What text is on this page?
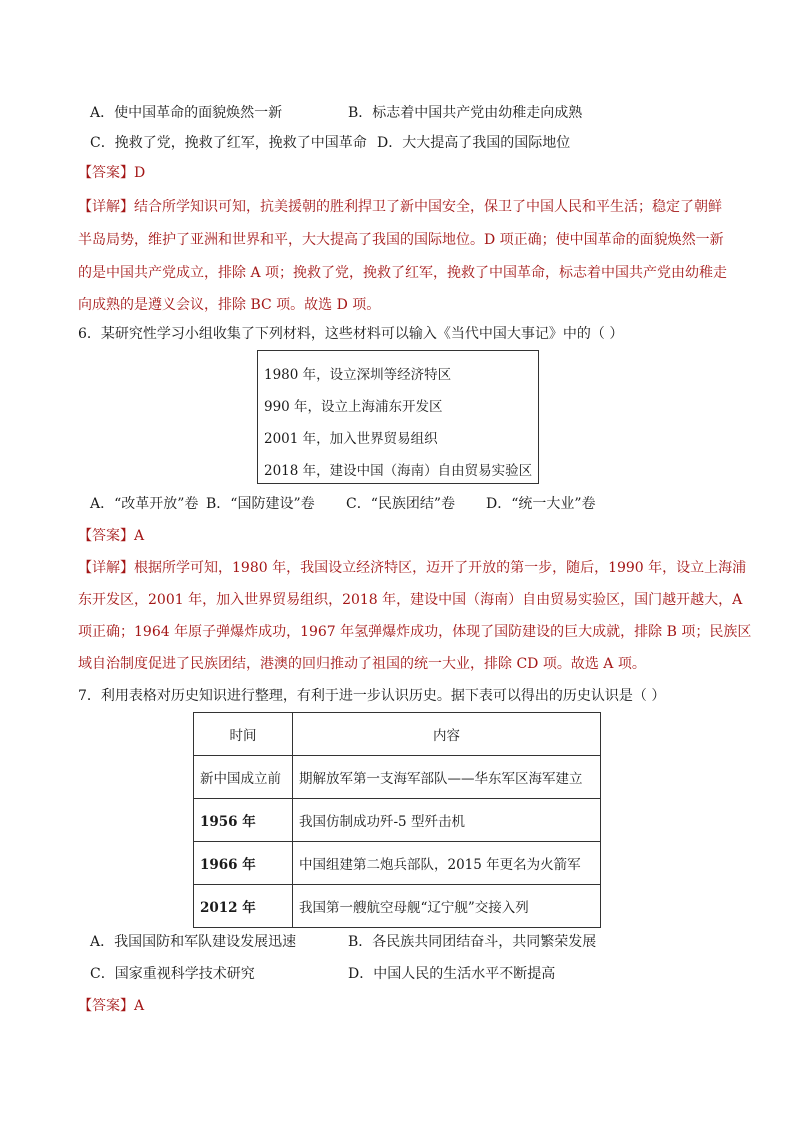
A．使中国革命的面貌焕然一新	B．标志着中国共产党由幼稚走向成熟
C．挽救了党，挽救了红军，挽救了中国革命 D．大大提高了我国的国际地位
【答案】D
【详解】结合所学知识可知，抗美援朝的胜利捍卫了新中国安全，保卫了中国人民和平生活；稳定了朝鲜
半岛局势，维护了亚洲和世界和平，大大提高了我国的国际地位。D 项正确；使中国革命的面貌焕然一新
的是中国共产党成立，排除 A 项；挽救了党，挽救了红军，挽救了中国革命，标志着中国共产党由幼稚走
向成熟的是遵义会议，排除 BC 项。故选 D 项。
6．某研究性学习小组收集了下列材料，这些材料可以输入《当代中国大事记》中的（ ）
1980 年，设立深圳等经济特区
990 年，设立上海浦东开发区
2001 年，加入世界贸易组织
2018 年，建设中国（海南）自由贸易实验区
A．“改革开放”卷 B．“国防建设”卷 C．“民族团结”卷 D．“统一大业”卷
【答案】A
【详解】根据所学可知，1980 年，我国设立经济特区，迈开了开放的第一步，随后，1990 年，设立上海浦
东开发区，2001 年，加入世界贸易组织，2018 年，建设中国（海南）自由贸易实验区，国门越开越大，A
项正确；1964 年原子弹爆炸成功，1967 年氢弹爆炸成功，体现了国防建设的巨大成就，排除 B 项；民族区
域自治制度促进了民族团结，港澳的回归推动了祖国的统一大业，排除 CD 项。故选 A 项。
7．利用表格对历史知识进行整理，有利于进一步认识历史。据下表可以得出的历史认识是（ ）
时间	内容
新中国成立前	期解放军第一支海军部队——华东军区海军建立
1956 年	我国仿制成功歼-5 型歼击机
1966 年	中国组建第二炮兵部队，2015 年更名为火箭军
2012 年	我国第一艘航空母舰“辽宁舰”交接入列
A．我国国防和军队建设发展迅速	B．各民族共同团结奋斗，共同繁荣发展
C．国家重视科学技术研究	D．中国人民的生活水平不断提高
【答案】A
